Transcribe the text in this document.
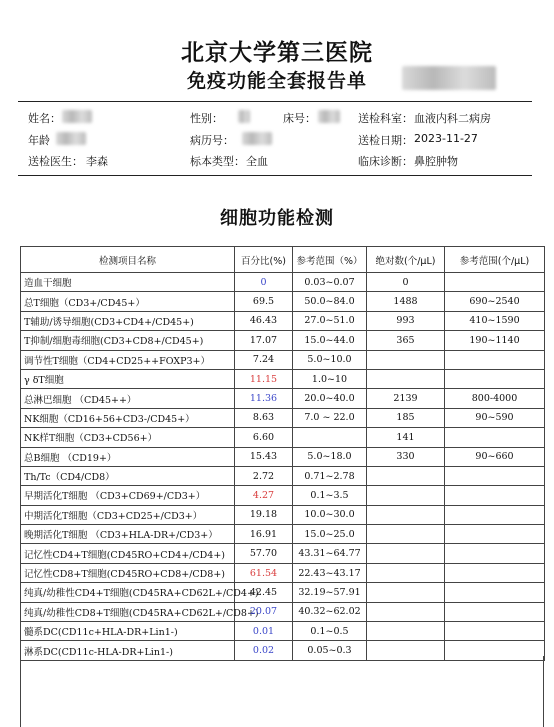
北京大学第三医院
免疫功能全套报告单
姓名：	性别：	床号：	送检科室： 血液内科二病房
年龄	病历号：	送检日期： 2023-11-27
送检医生： 李森	标本类型： 全血	临床诊断： 鼻腔肿物
细胞功能检测
检测项目名称	百分比(%)	参考范围（%）	绝对数(个/μL)	参考范围(个/μL)
造血干细胞	0	0.03~0.07	0	
总T细胞（CD3+/CD45+）	69.5	50.0~84.0	1488	690~2540
T辅助/诱导细胞(CD3+CD4+/CD45+)	46.43	27.0~51.0	993	410~1590
T抑制/细胞毒细胞(CD3+CD8+/CD45+)	17.07	15.0~44.0	365	190~1140
调节性T细胞（CD4+CD25++FOXP3+）	7.24	5.0~10.0		
γ δT细胞	11.15	1.0~10		
总淋巴细胞 （CD45++）	11.36	20.0~40.0	2139	800-4000
NK细胞（CD16+56+CD3-/CD45+）	8.63	7.0 ~ 22.0	185	90~590
NK样T细胞（CD3+CD56+）	6.60		141	
总B细胞 （CD19+）	15.43	5.0~18.0	330	90~660
Th/Tc（CD4/CD8）	2.72	0.71~2.78		
早期活化T细胞 （CD3+CD69+/CD3+）	4.27	0.1~3.5		
中期活化T细胞（CD3+CD25+/CD3+）	19.18	10.0~30.0		
晚期活化T细胞 （CD3+HLA-DR+/CD3+）	16.91	15.0~25.0		
记忆性CD4+T细胞(CD45RO+CD4+/CD4+)	57.70	43.31~64.77		
记忆性CD8+T细胞(CD45RO+CD8+/CD8+)	61.54	22.43~43.17		
纯真/幼稚性CD4+T细胞(CD45RA+CD62L+/CD4+)	42.45	32.19~57.91		
纯真/幼稚性CD8+T细胞(CD45RA+CD62L+/CD8+)	20.07	40.32~62.02		
髓系DC(CD11c+HLA-DR+Lin1-)	0.01	0.1~0.5		
淋系DC(CD11c-HLA-DR+Lin1-)	0.02	0.05~0.3		
